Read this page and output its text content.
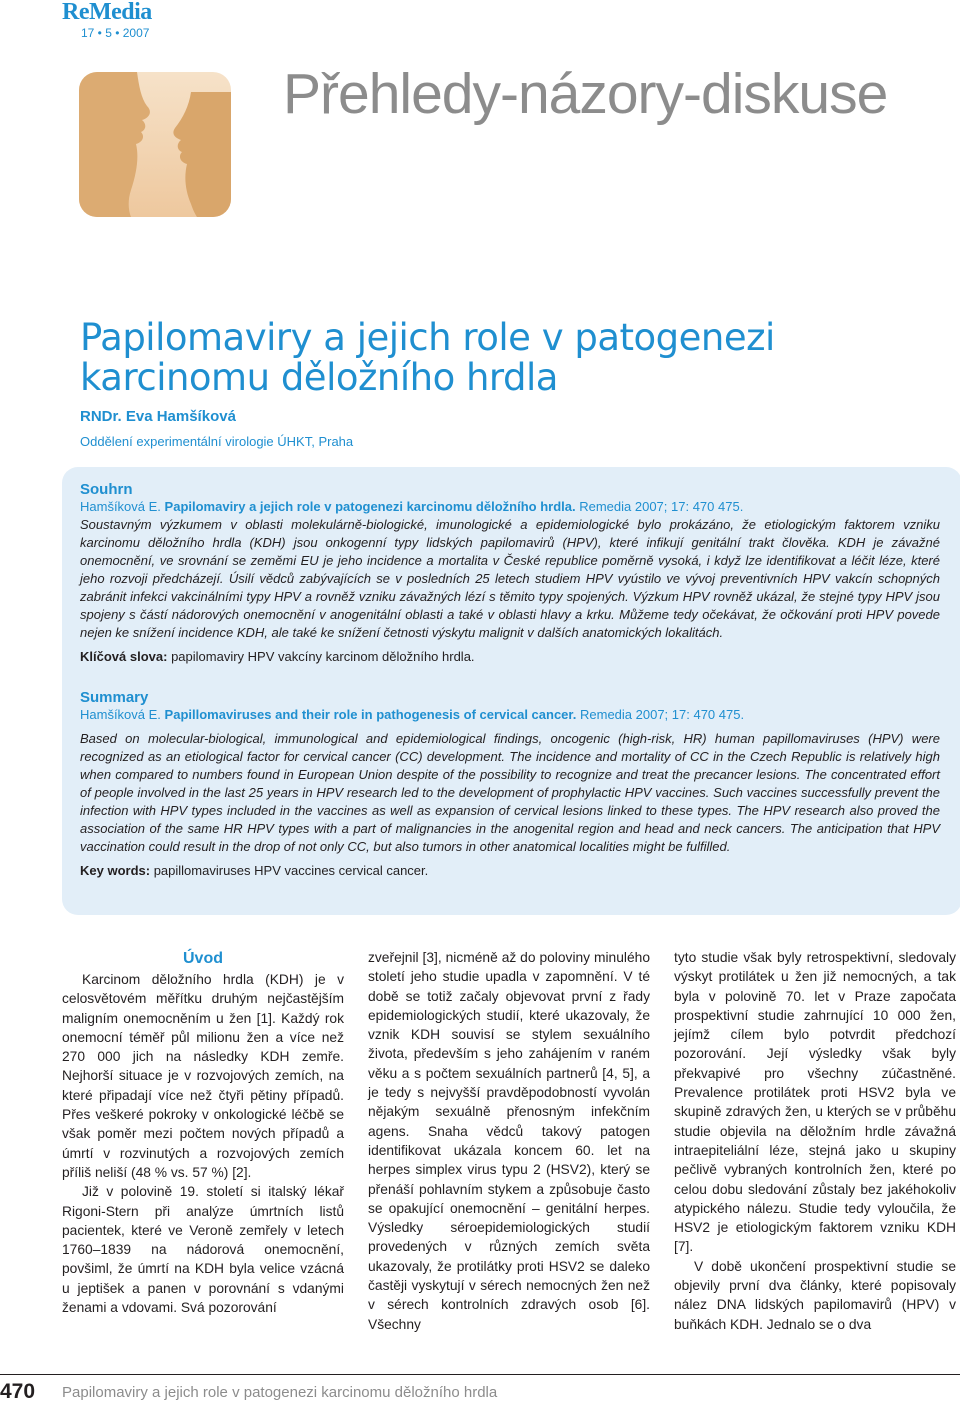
ReMedia
17 • 5 • 2007
Přehledy-názory-diskuse
Papilomaviry a jejich role v patogenezi karcinomu děložního hrdla
RNDr. Eva Hamšíková
Oddělení experimentální virologie ÚHKT, Praha
Souhrn
Hamšíková E. Papilomaviry a jejich role v patogenezi karcinomu děložního hrdla. Remedia 2007; 17: 470 475.
Soustavným výzkumem v oblasti molekulárně-biologické, imunologické a epidemiologické bylo prokázáno, že etiologickým faktorem vzniku karcinomu děložního hrdla (KDH) jsou onkogenní typy lidských papilomavirů (HPV), které infikují genitální trakt člověka. KDH je závažné onemocnění, ve srovnání se zeměmi EU je jeho incidence a mortalita v České republice poměrně vysoká, i když lze identifikovat a léčit léze, které jeho rozvoji předcházejí. Úsilí vědců zabývajících se v posledních 25 letech studiem HPV vyústilo ve vývoj preventivních HPV vakcín schopných zabránit infekci vakcinálními typy HPV a rovněž vzniku závažných lézí s těmito typy spojených. Výzkum HPV rovněž ukázal, že stejné typy HPV jsou spojeny s částí nádorových onemocnění v anogenitální oblasti a také v oblasti hlavy a krku. Můžeme tedy očekávat, že očkování proti HPV povede nejen ke snížení incidence KDH, ale také ke snížení četnosti výskytu malignit v dalších anatomických lokalitách.
Klíčová slova: papilomaviry HPV vakcíny karcinom děložního hrdla.
Summary
Hamšíková E. Papillomaviruses and their role in pathogenesis of cervical cancer. Remedia 2007; 17: 470 475.
Based on molecular-biological, immunological and epidemiological findings, oncogenic (high-risk, HR) human papillomaviruses (HPV) were recognized as an etiological factor for cervical cancer (CC) development. The incidence and mortality of CC in the Czech Republic is relatively high when compared to numbers found in European Union despite of the possibility to recognize and treat the precancer lesions. The concentrated effort of people involved in the last 25 years in HPV research led to the development of prophylactic HPV vaccines. Such vaccines successfully prevent the infection with HPV types included in the vaccines as well as expansion of cervical lesions linked to these types. The HPV research also proved the association of the same HR HPV types with a part of malignancies in the anogenital region and head and neck cancers. The anticipation that HPV vaccination could result in the drop of not only CC, but also tumors in other anatomical localities might be fulfilled.
Key words: papillomaviruses HPV vaccines cervical cancer.
Úvod

Karcinom děložního hrdla (KDH) je v celosvětovém měřítku druhým nejčastějším maligním onemocněním u žen [1]. Každý rok onemocní téměř půl milionu žen a více než 270 000 jich na následky KDH zemře. Nejhorší situace je v rozvojových zemích, na které připadají více než čtyři pětiny případů. Přes veškeré pokroky v onkologické léčbě se však poměr mezi počtem nových případů a úmrtí v rozvinutých a rozvojových zemích příliš neliší (48 % vs. 57 %) [2].

Již v polovině 19. století si italský lékař Rigoni-Stern při analýze úmrtních listů pacientek, které ve Veroně zemřely v letech 1760–1839 na nádorová onemocnění, povšiml, že úmrtí na KDH byla velice vzácná u jeptišek a panen v porovnání s vdanými ženami a vdovami. Svá pozorování

zveřejnil [3], nicméně až do poloviny minulého století jeho studie upadla v zapomnění. V té době se totiž začaly objevovat první z řady epidemiologických studií, které ukazovaly, že vznik KDH souvisí se stylem sexuálního života, především s jeho zahájením v raném věku a s počtem sexuálních partnerů [4, 5], a je tedy s nejvyšší pravděpodobností vyvolán nějakým sexuálně přenosným infekčním agens. Snaha vědců takový patogen identifikovat ukázala koncem 60. let na herpes simplex virus typu 2 (HSV2), který se přenáší pohlavním stykem a způsobuje často se opakující onemocnění – genitální herpes. Výsledky séroepidemiologických studií provedených v různých zemích světa ukazovaly, že protilátky proti HSV2 se daleko častěji vyskytují v sérech nemocných žen než v sérech kontrolních zdravých osob [6]. Všechny

tyto studie však byly retrospektivní, sledovaly výskyt protilátek u žen již nemocných, a tak byla v polovině 70. let v Praze započata prospektivní studie zahrnující 10 000 žen, jejímž cílem bylo potvrdit předchozí pozorování. Její výsledky však byly překvapivé pro všechny zúčastněné. Prevalence protilátek proti HSV2 byla ve skupině zdravých žen, u kterých se v průběhu studie objevila na děložním hrdle závažná intraepiteliální léze, stejná jako u skupiny pečlivě vybraných kontrolních žen, které po celou dobu sledování zůstaly bez jakéhokoliv atypického nálezu. Studie tedy vyloučila, že HSV2 je etiologickým faktorem vzniku KDH [7].

V době ukončení prospektivní studie se objevily první dva články, které popisovaly nález DNA lidských papilomavirů (HPV) v buňkách KDH. Jednalo se o dva

470 Papilomaviry a jejich role v patogenezi karcinomu děložního hrdla
